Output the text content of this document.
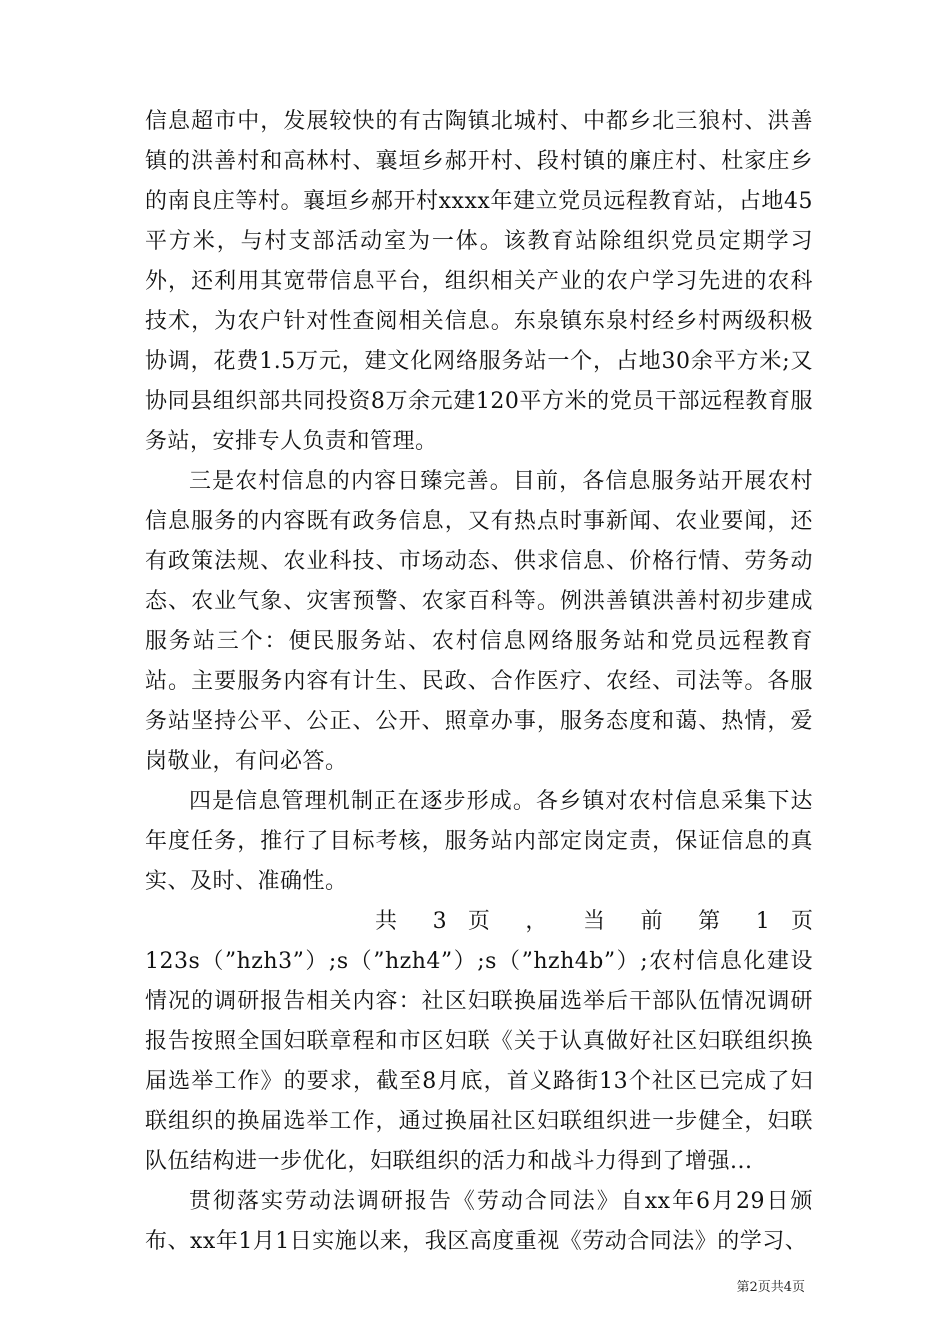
信息超市中，发展较快的有古陶镇北城村、中都乡北三狼村、洪善镇的洪善村和高林村、襄垣乡郝开村、段村镇的廉庄村、杜家庄乡的南良庄等村。襄垣乡郝开村xxxx年建立党员远程教育站，占地45平方米，与村支部活动室为一体。该教育站除组织党员定期学习外，还利用其宽带信息平台，组织相关产业的农户学习先进的农科技术，为农户针对性查阅相关信息。东泉镇东泉村经乡村两级积极协调，花费1.5万元，建文化网络服务站一个，占地30余平方米;又协同县组织部共同投资8万余元建120平方米的党员干部远程教育服务站，安排专人负责和管理。

三是农村信息的内容日臻完善。目前，各信息服务站开展农村信息服务的内容既有政务信息，又有热点时事新闻、农业要闻，还有政策法规、农业科技、市场动态、供求信息、价格行情、劳务动态、农业气象、灾害预警、农家百科等。例洪善镇洪善村初步建成服务站三个：便民服务站、农村信息网络服务站和党员远程教育站。主要服务内容有计生、民政、合作医疗、农经、司法等。各服务站坚持公平、公正、公开、照章办事，服务态度和蔼、热情，爱岗敬业，有问必答。

四是信息管理机制正在逐步形成。各乡镇对农村信息采集下达年度任务，推行了目标考核，服务站内部定岗定责，保证信息的真实、及时、准确性。

共 3 页 ， 当 前 第 1 页

123s（”hzh3”）;s（”hzh4”）;s（”hzh4b”）;农村信息化建设情况的调研报告相关内容：社区妇联换届选举后干部队伍情况调研报告按照全国妇联章程和市区妇联《关于认真做好社区妇联组织换届选举工作》的要求，截至8月底，首义路街13个社区已完成了妇联组织的换届选举工作，通过换届社区妇联组织进一步健全，妇联队伍结构进一步优化，妇联组织的活力和战斗力得到了增强...

贯彻落实劳动法调研报告《劳动合同法》自xx年6月29日颁布、xx年1月1日实施以来，我区高度重视《劳动合同法》的学习、

第2页共4页
